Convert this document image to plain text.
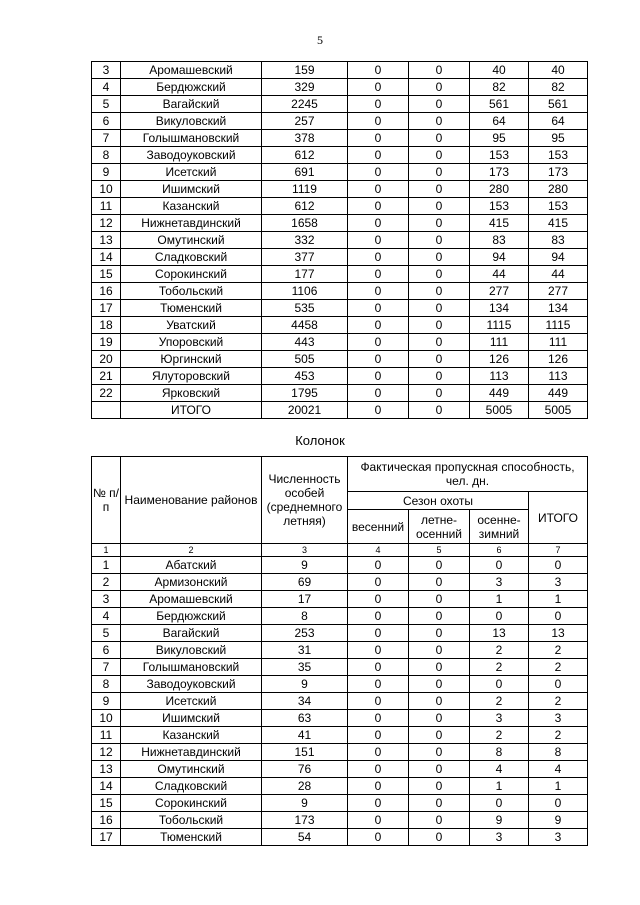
5
3	Аромашевский	159	0	0	40	40
4	Бердюжский	329	0	0	82	82
5	Вагайский	2245	0	0	561	561
6	Викуловский	257	0	0	64	64
7	Голышмановский	378	0	0	95	95
8	Заводоуковский	612	0	0	153	153
9	Исетский	691	0	0	173	173
10	Ишимский	1119	0	0	280	280
11	Казанский	612	0	0	153	153
12	Нижнетавдинский	1658	0	0	415	415
13	Омутинский	332	0	0	83	83
14	Сладковский	377	0	0	94	94
15	Сорокинский	177	0	0	44	44
16	Тобольский	1106	0	0	277	277
17	Тюменский	535	0	0	134	134
18	Уватский	4458	0	0	1115	1115
19	Упоровский	443	0	0	111	111
20	Юргинский	505	0	0	126	126
21	Ялуторовский	453	0	0	113	113
22	Ярковский	1795	0	0	449	449
	ИТОГО	20021	0	0	5005	5005
Колонок
№ п/п	Наименование районов	Численность особей (среднемного летняя)	Фактическая пропускная способность, чел. дн.			
			Сезон охоты			ИТОГО
			весенний	летне-осенний	осенне-зимний	
1	2	3	4	5	6	7
1	Абатский	9	0	0	0	0
2	Армизонский	69	0	0	3	3
3	Аромашевский	17	0	0	1	1
4	Бердюжский	8	0	0	0	0
5	Вагайский	253	0	0	13	13
6	Викуловский	31	0	0	2	2
7	Голышмановский	35	0	0	2	2
8	Заводоуковский	9	0	0	0	0
9	Исетский	34	0	0	2	2
10	Ишимский	63	0	0	3	3
11	Казанский	41	0	0	2	2
12	Нижнетавдинский	151	0	0	8	8
13	Омутинский	76	0	0	4	4
14	Сладковский	28	0	0	1	1
15	Сорокинский	9	0	0	0	0
16	Тобольский	173	0	0	9	9
17	Тюменский	54	0	0	3	3
